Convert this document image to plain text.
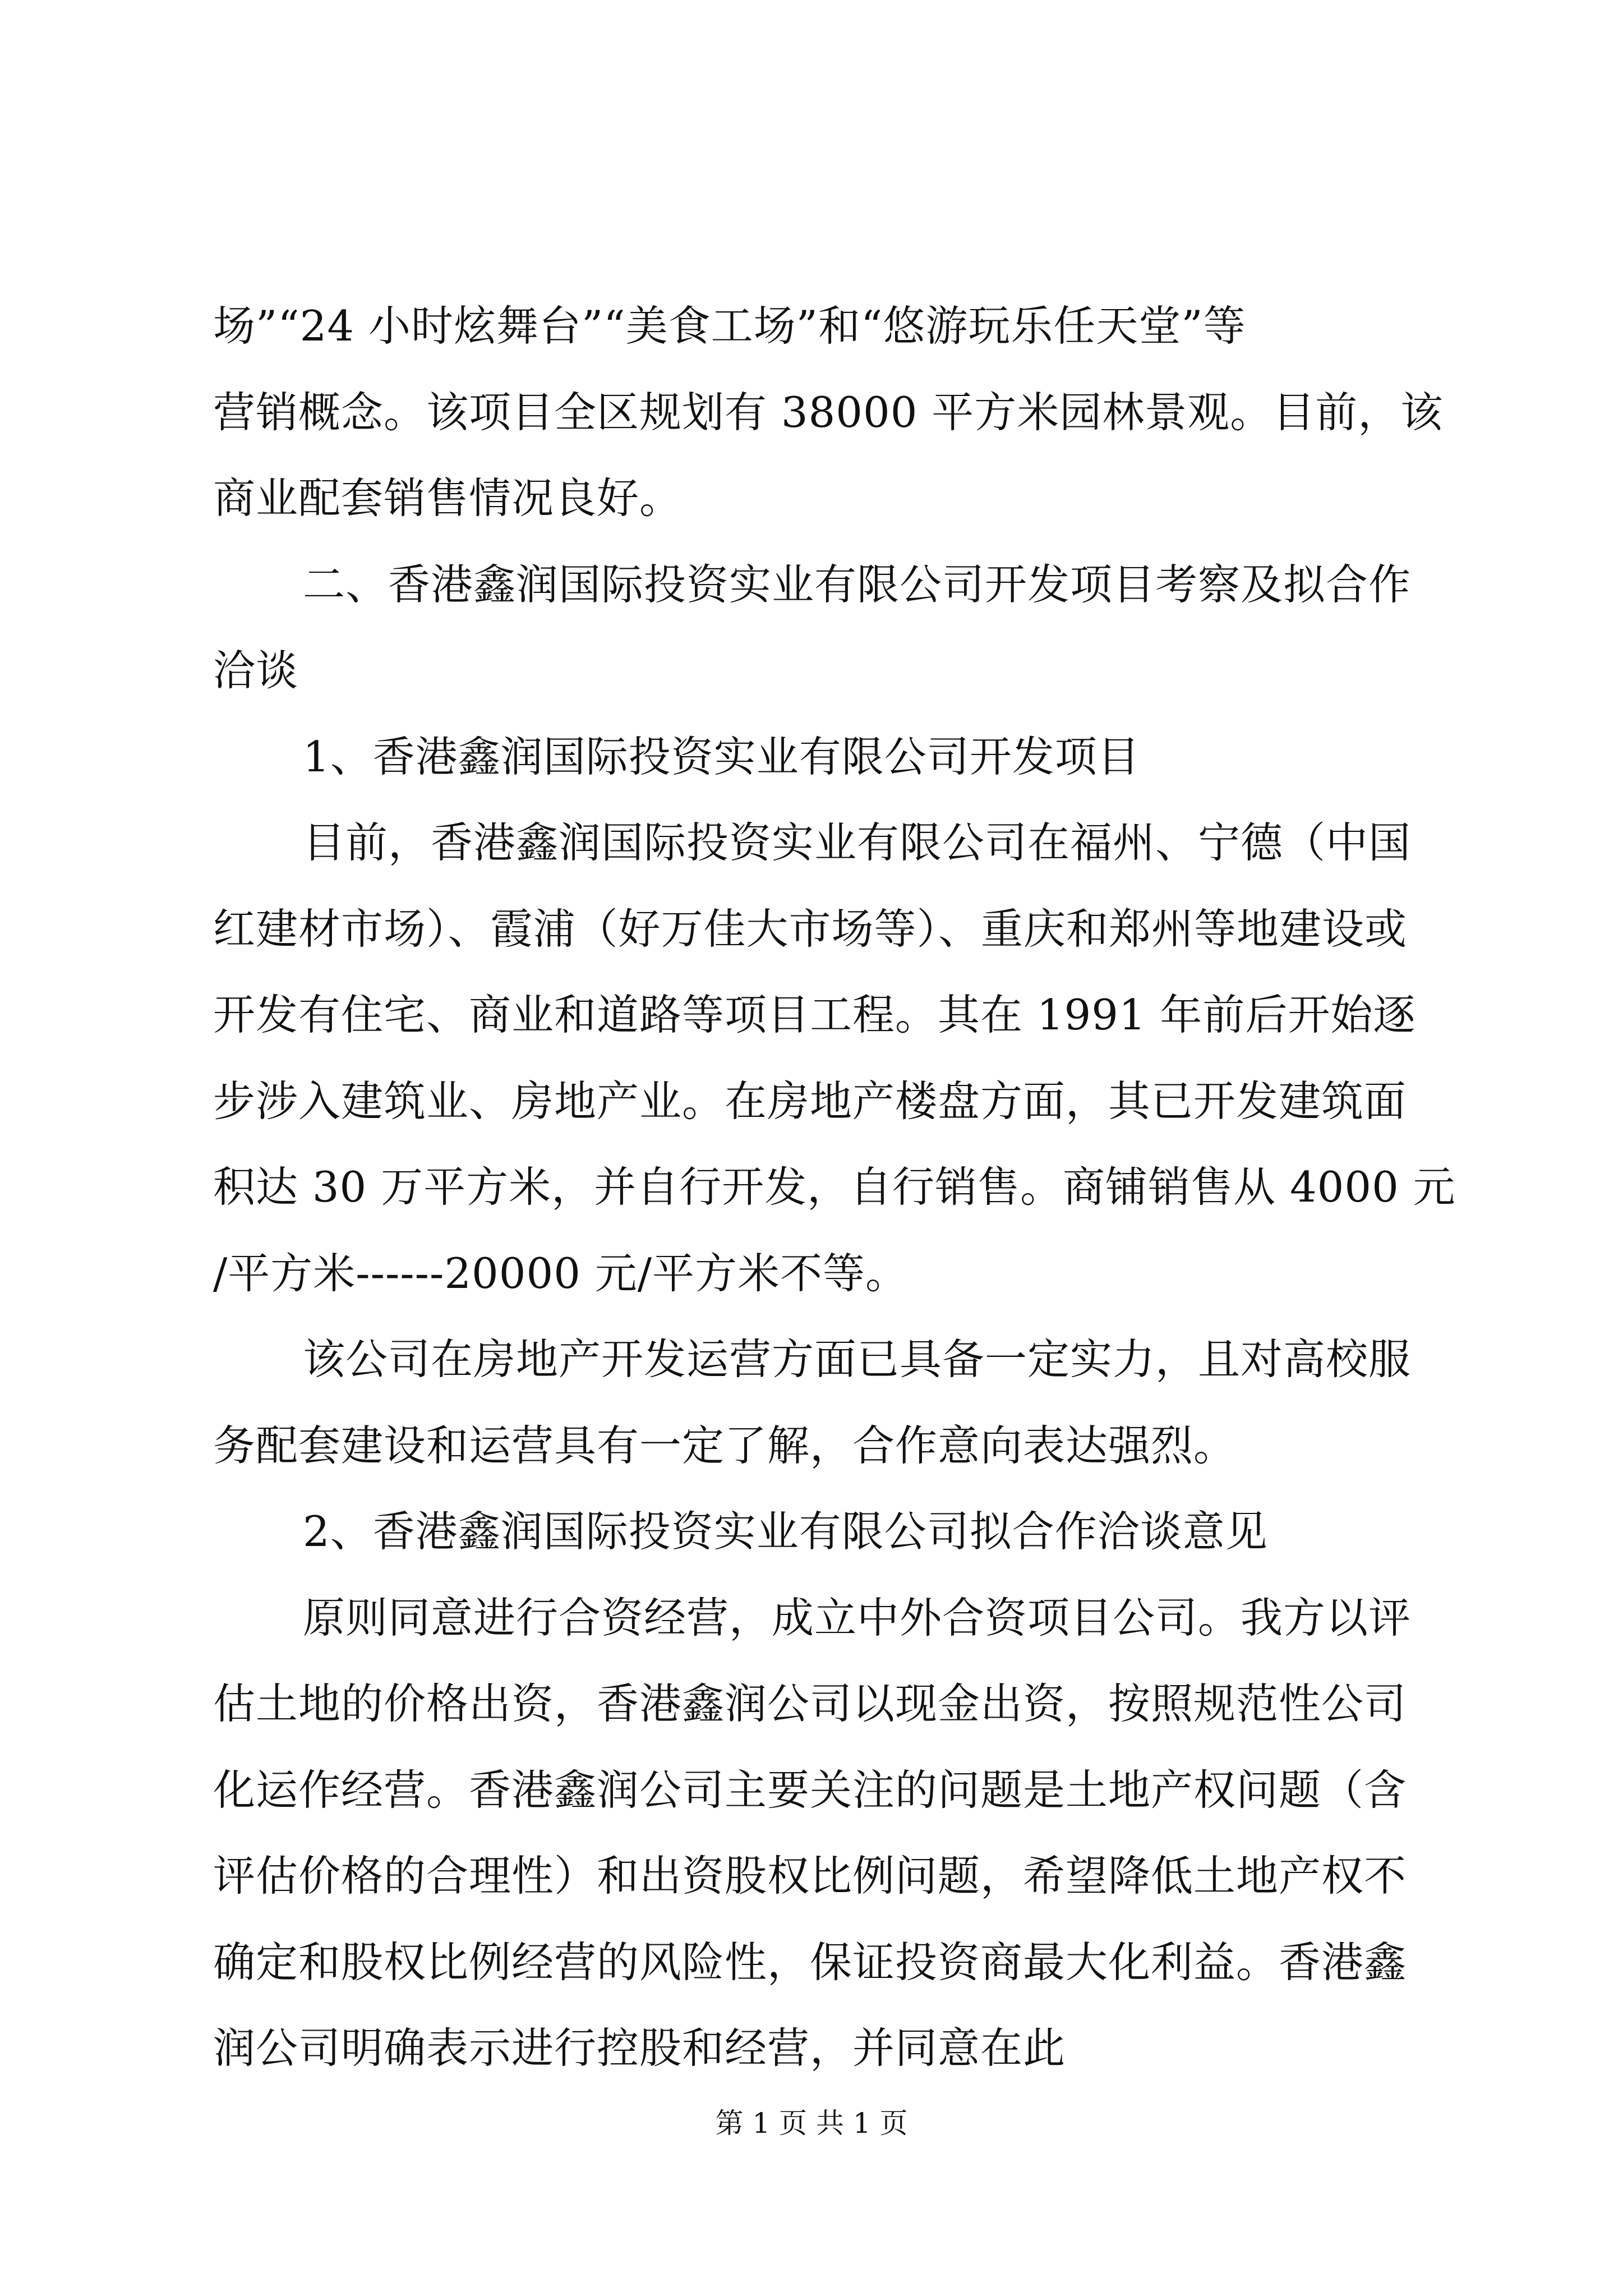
场”“24 小时炫舞台”“美食工场”和“悠游玩乐任天堂”等
营销概念。该项目全区规划有 38000 平方米园林景观。目前，该
商业配套销售情况良好。
二、香港鑫润国际投资实业有限公司开发项目考察及拟合作
洽谈
1、香港鑫润国际投资实业有限公司开发项目
目前，香港鑫润国际投资实业有限公司在福州、宁德（中国
红建材市场）、霞浦（好万佳大市场等）、重庆和郑州等地建设或
开发有住宅、商业和道路等项目工程。其在 1991 年前后开始逐
步涉入建筑业、房地产业。在房地产楼盘方面，其已开发建筑面
积达 30 万平方米，并自行开发，自行销售。商铺销售从 4000 元
/平方米------20000 元/平方米不等。
该公司在房地产开发运营方面已具备一定实力，且对高校服
务配套建设和运营具有一定了解，合作意向表达强烈。
2、香港鑫润国际投资实业有限公司拟合作洽谈意见
原则同意进行合资经营，成立中外合资项目公司。我方以评
估土地的价格出资，香港鑫润公司以现金出资，按照规范性公司
化运作经营。香港鑫润公司主要关注的问题是土地产权问题（含
评估价格的合理性）和出资股权比例问题，希望降低土地产权不
确定和股权比例经营的风险性，保证投资商最大化利益。香港鑫
润公司明确表示进行控股和经营，并同意在此
第 1 页 共 1 页
